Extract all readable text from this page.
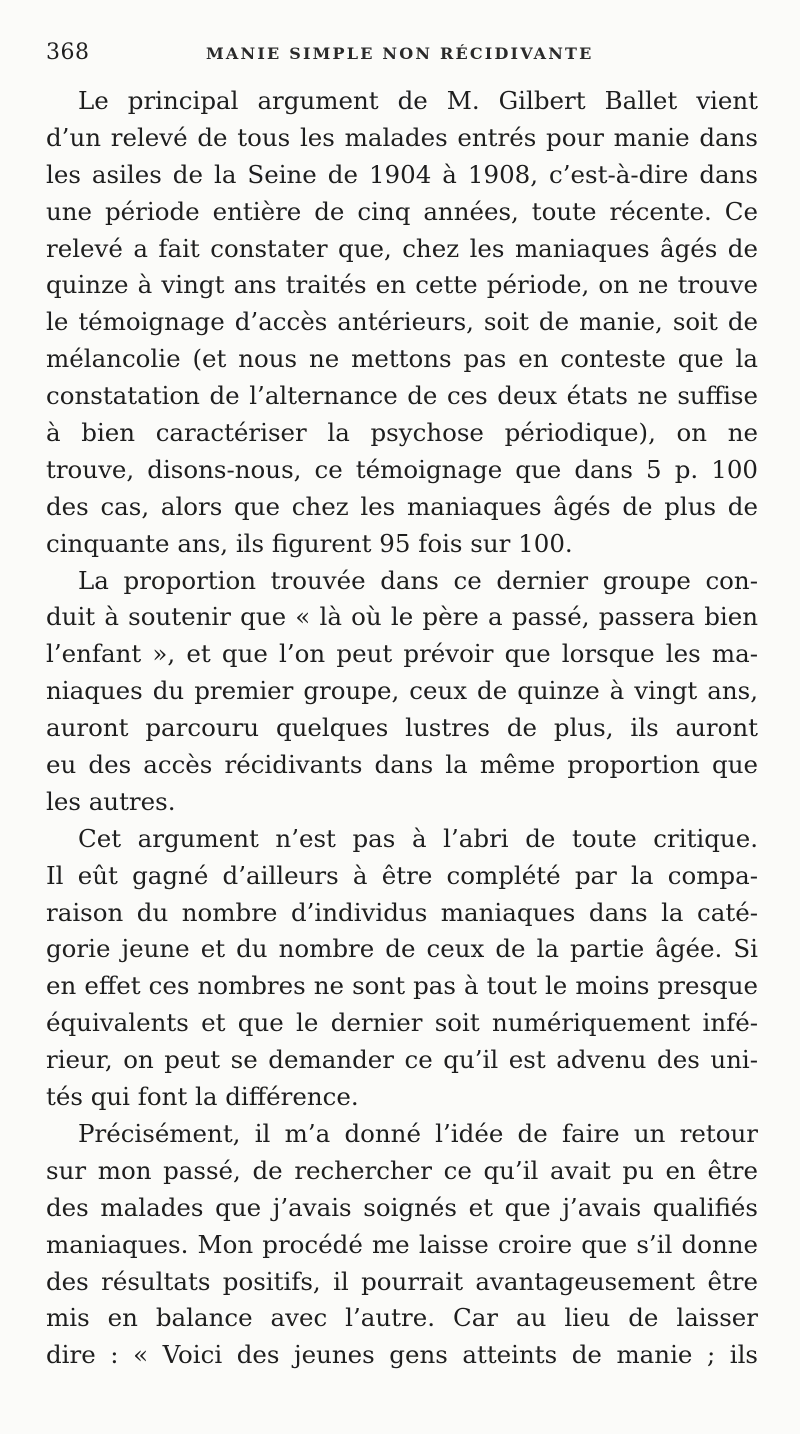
368	MANIE SIMPLE NON RÉCIDIVANTE
Le principal argument de M. Gilbert Ballet vient
d’un relevé de tous les malades entrés pour manie dans
les asiles de la Seine de 1904 à 1908, c’est-à-dire dans
une période entière de cinq années, toute récente. Ce
relevé a fait constater que, chez les maniaques âgés de
quinze à vingt ans traités en cette période, on ne trouve
le témoignage d’accès antérieurs, soit de manie, soit de
mélancolie (et nous ne mettons pas en conteste que la
constatation de l’alternance de ces deux états ne suffise
à bien caractériser la psychose périodique), on ne
trouve, disons-nous, ce témoignage que dans 5 p. 100
des cas, alors que chez les maniaques âgés de plus de
cinquante ans, ils figurent 95 fois sur 100.
La proportion trouvée dans ce dernier groupe con-
duit à soutenir que « là où le père a passé, passera bien
l’enfant », et que l’on peut prévoir que lorsque les ma-
niaques du premier groupe, ceux de quinze à vingt ans,
auront parcouru quelques lustres de plus, ils auront
eu des accès récidivants dans la même proportion que
les autres.
Cet argument n’est pas à l’abri de toute critique.
Il eût gagné d’ailleurs à être complété par la compa-
raison du nombre d’individus maniaques dans la caté-
gorie jeune et du nombre de ceux de la partie âgée. Si
en effet ces nombres ne sont pas à tout le moins presque
équivalents et que le dernier soit numériquement infé-
rieur, on peut se demander ce qu’il est advenu des uni-
tés qui font la différence.
Précisément, il m’a donné l’idée de faire un retour
sur mon passé, de rechercher ce qu’il avait pu en être
des malades que j’avais soignés et que j’avais qualifiés
maniaques. Mon procédé me laisse croire que s’il donne
des résultats positifs, il pourrait avantageusement être
mis en balance avec l’autre. Car au lieu de laisser
dire : « Voici des jeunes gens atteints de manie ; ils
